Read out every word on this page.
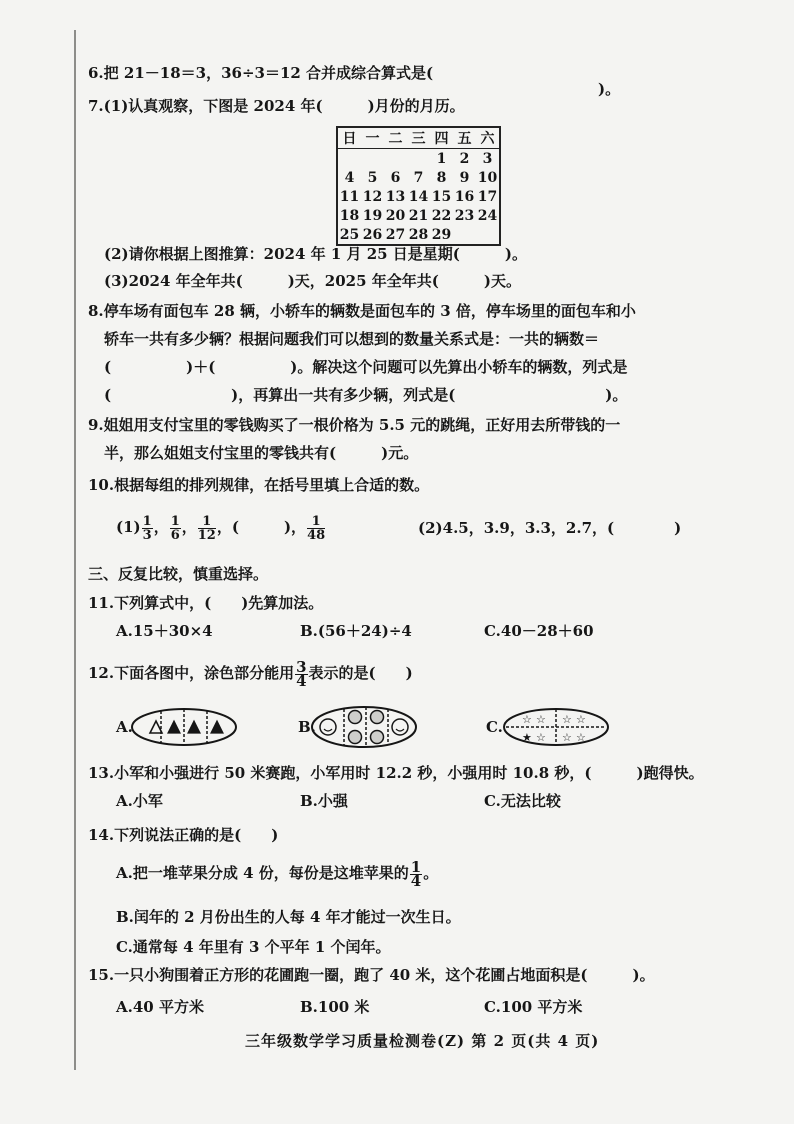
6.把 21－18＝3，36÷3＝12 合并成综合算式是(
)。
7.(1)认真观察，下图是 2024 年(　　　)月份的月历。
日	一	二	三	四	五	六
				1	2	3
4	5	6	7	8	9	10
11	12	13	14	15	16	17
18	19	20	21	22	23	24
25	26	27	28	29		
(2)请你根据上图推算：2024 年 1 月 25 日是星期(　　　)。
(3)2024 年全年共(　　　)天，2025 年全年共(　　　)天。
8.停车场有面包车 28 辆，小轿车的辆数是面包车的 3 倍，停车场里的面包车和小
轿车一共有多少辆？根据问题我们可以想到的数量关系式是：一共的辆数＝
(　　　　　)＋(　　　　　)。解决这个问题可以先算出小轿车的辆数，列式是
(　　　　　　　　)，再算出一共有多少辆，列式是(　　　　　　　　　　)。
9.姐姐用支付宝里的零钱购买了一根价格为 5.5 元的跳绳，正好用去所带钱的一
半，那么姐姐支付宝里的零钱共有(　　　)元。
10.根据每组的排列规律，在括号里填上合适的数。
$(1) \frac{1}{3}$ ， $\frac{1}{6}$ ， $\frac{1}{12}$ ，(　　　)， $\frac{1}{48}$	(2)4.5，3.9，3.3，2.7，(　　　　)
三、反复比较，慎重选择。
11.下列算式中，(　　)先算加法。
A.15＋30×4	B.(56＋24)÷4	C.40－28＋60
12.下面各图中，涂色部分能用 $\frac{3}{4}$ 表示的是(　　)
A.	B.	C. ☆ ☆ ☆ ☆
★ ☆ ☆ ☆
13.小军和小强进行 50 米赛跑，小军用时 12.2 秒，小强用时 10.8 秒，(　　　)跑得快。
A.小军	B.小强	C.无法比较
14.下列说法正确的是(　　)
A.把一堆苹果分成 4 份，每份是这堆苹果的 $\frac{1}{4}$ 。
B.闰年的 2 月份出生的人每 4 年才能过一次生日。
C.通常每 4 年里有 3 个平年 1 个闰年。
15.一只小狗围着正方形的花圃跑一圈，跑了 40 米，这个花圃占地面积是(　　　)。
A.40 平方米	B.100 米	C.100 平方米
三年级数学学习质量检测卷(Z) 第 2 页(共 4 页)
